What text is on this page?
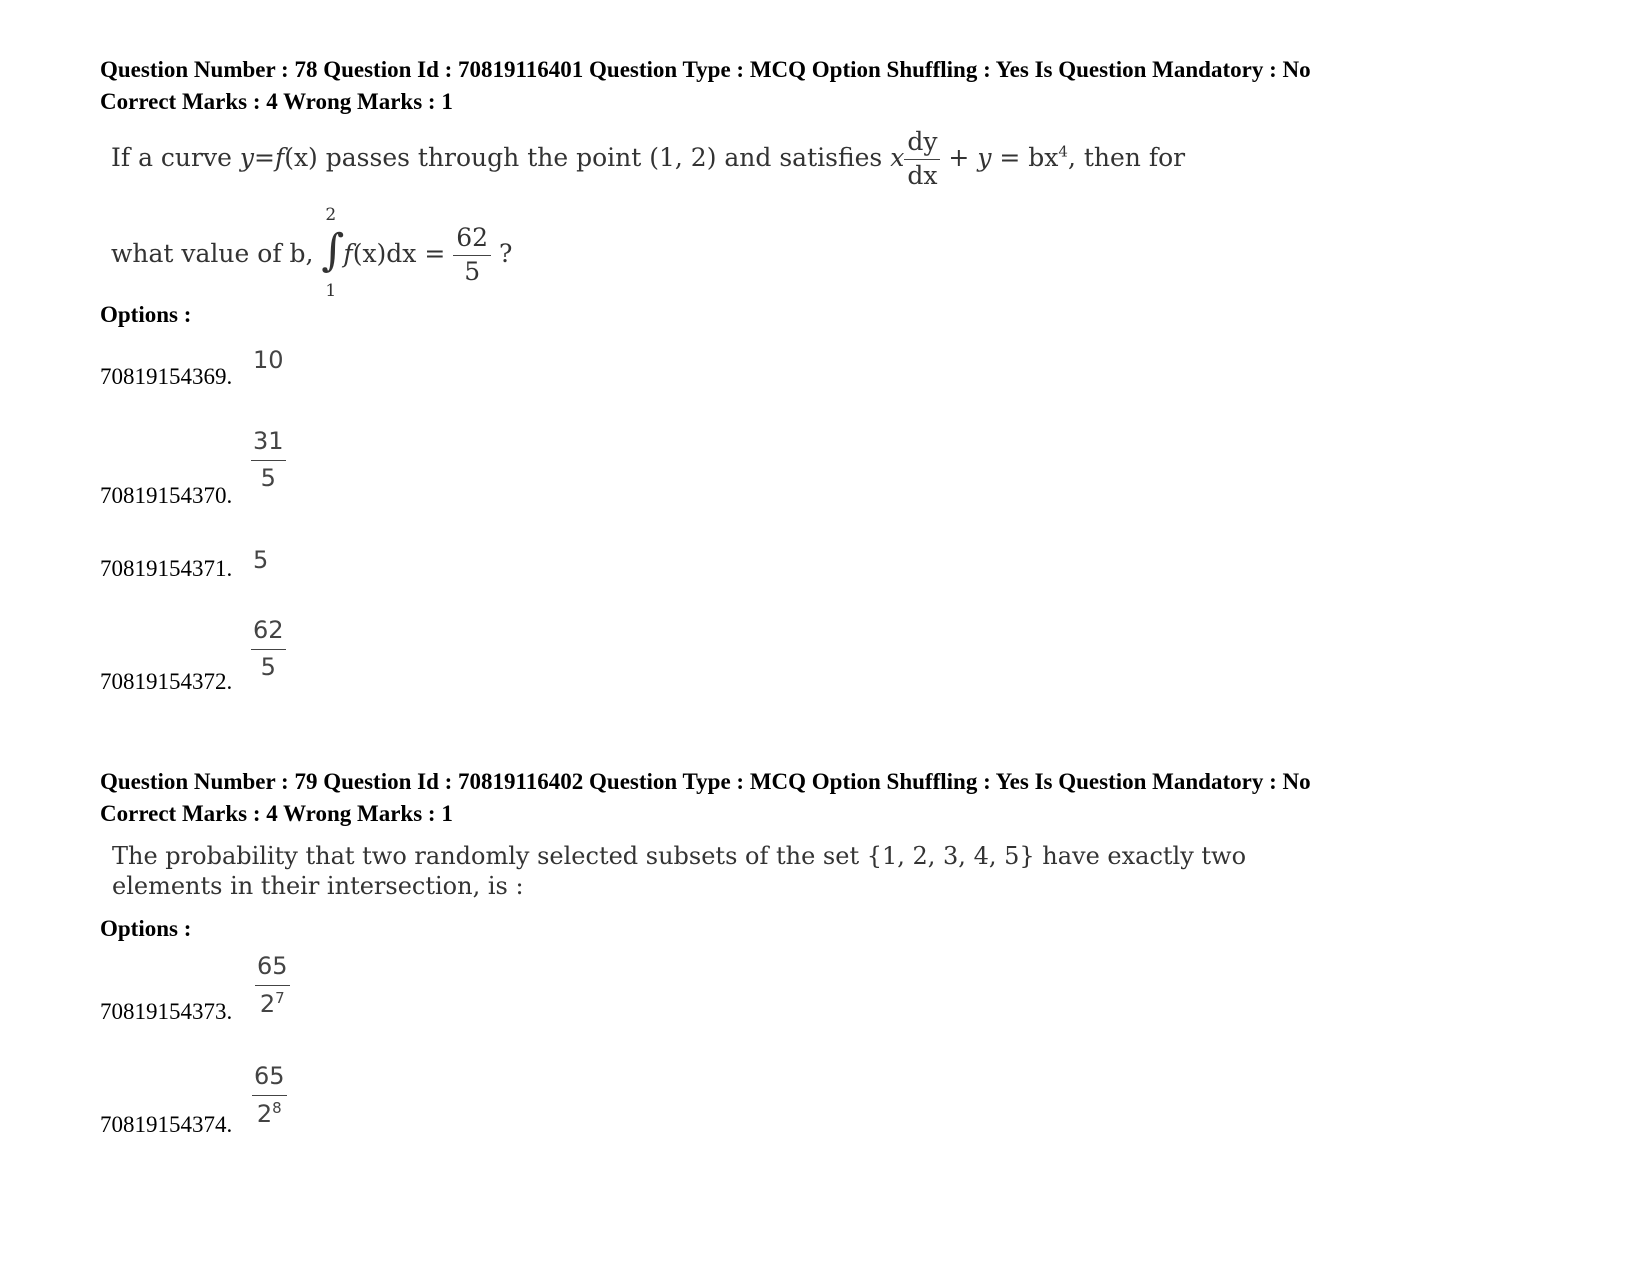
Question Number : 78 Question Id : 70819116401 Question Type : MCQ Option Shuffling : Yes Is Question Mandatory : No
Correct Marks : 4 Wrong Marks : 1
If a curve y=f(x) passes through the point (1, 2) and satisfies x $\frac{dy}{dx} + y = bx^4$, then for
what value of b,
2
∫
1
$f(x)dx = \frac{62}{5}$ ?
Options :
70819154369.
10
70819154370.
$\frac{31}{5}$
70819154371. 5
70819154372.
$\frac{62}{5}$
Question Number : 79 Question Id : 70819116402 Question Type : MCQ Option Shuffling : Yes Is Question Mandatory : No
Correct Marks : 4 Wrong Marks : 1
The probability that two randomly selected subsets of the set {1, 2, 3, 4, 5} have exactly two
elements in their intersection, is :
Options :
70819154373. $\frac{65}{2^7}$
70819154374. $\frac{65}{2^8}$
